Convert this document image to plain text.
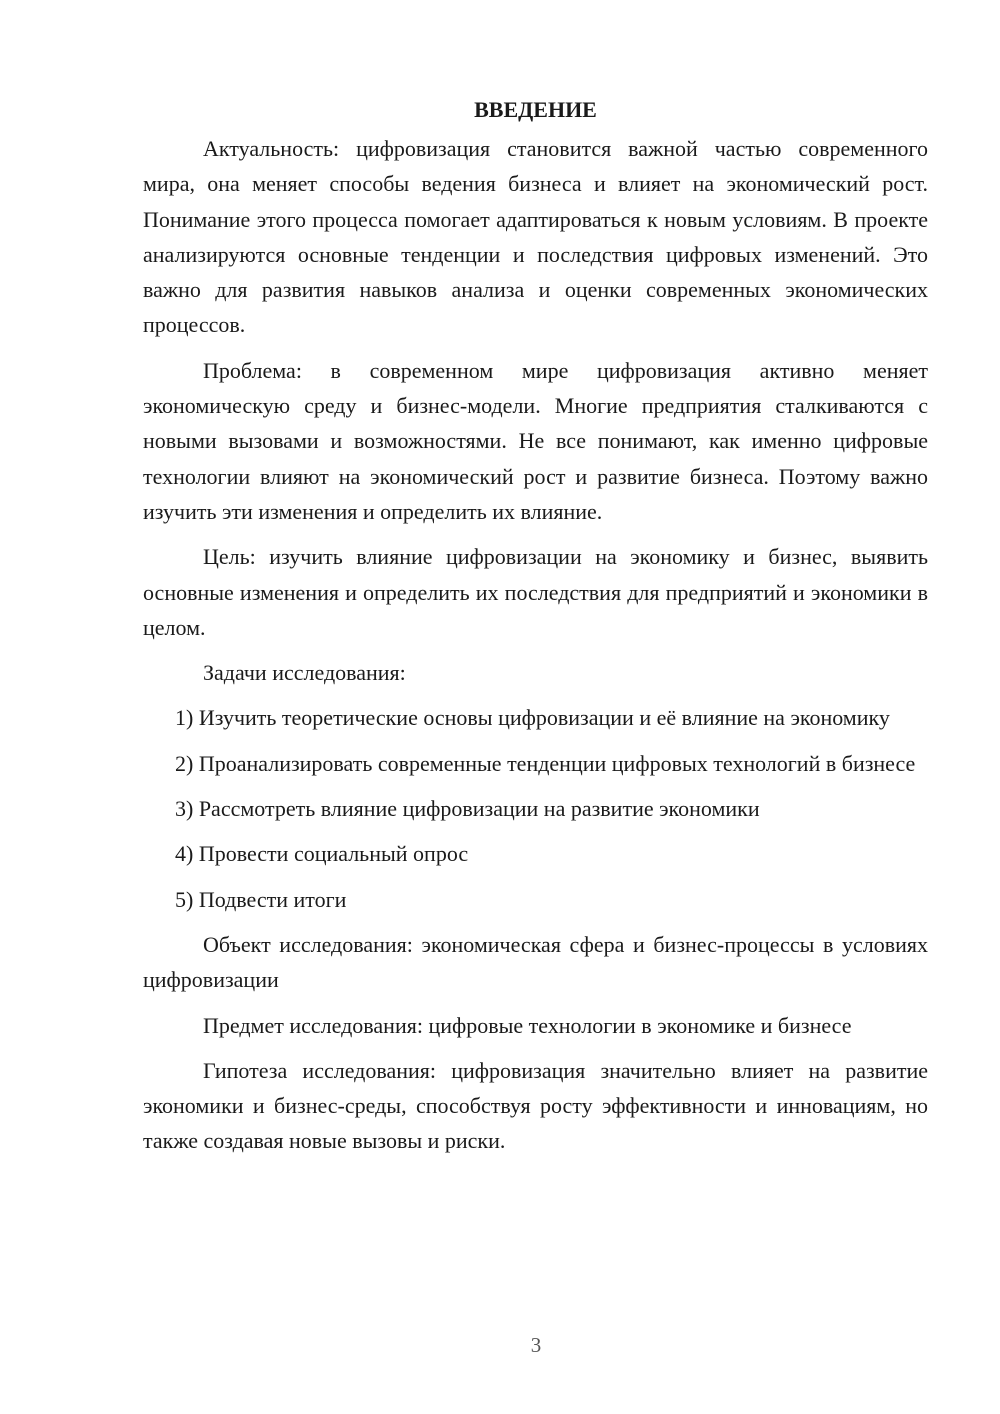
ВВЕДЕНИЕ

Актуальность: цифровизация становится важной частью современного мира, она меняет способы ведения бизнеса и влияет на экономический рост. Понимание этого процесса помогает адаптироваться к новым условиям. В проекте анализируются основные тенденции и последствия цифровых изменений. Это важно для развития навыков анализа и оценки современных экономических процессов.

Проблема: в современном мире цифровизация активно меняет экономическую среду и бизнес-модели. Многие предприятия сталкиваются с новыми вызовами и возможностями. Не все понимают, как именно цифровые технологии влияют на экономический рост и развитие бизнеса. Поэтому важно изучить эти изменения и определить их влияние.

Цель: изучить влияние цифровизации на экономику и бизнес, выявить основные изменения и определить их последствия для предприятий и экономики в целом.

Задачи исследования:

1) Изучить теоретические основы цифровизации и её влияние на экономику

2) Проанализировать современные тенденции цифровых технологий в бизнесе

3) Рассмотреть влияние цифровизации на развитие экономики

4) Провести социальный опрос

5) Подвести итоги

Объект исследования: экономическая сфера и бизнес-процессы в условиях цифровизации

Предмет исследования: цифровые технологии в экономике и бизнесе

Гипотеза исследования: цифровизация значительно влияет на развитие экономики и бизнес-среды, способствуя росту эффективности и инновациям, но также создавая новые вызовы и риски.

3
